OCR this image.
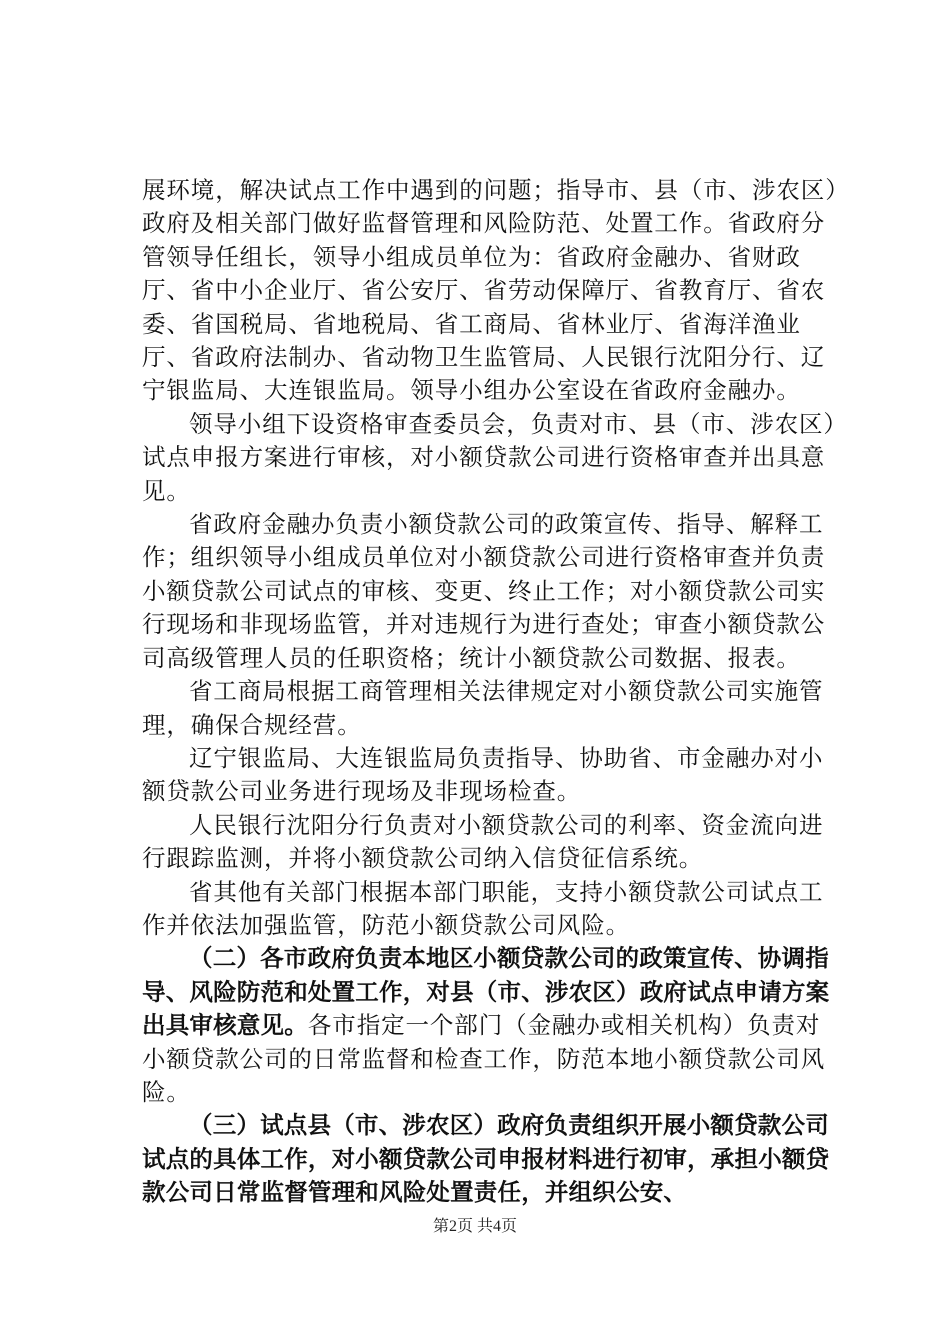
展环境，解决试点工作中遇到的问题；指导市、县（市、涉农区）政府及相关部门做好监督管理和风险防范、处置工作。省政府分管领导任组长，领导小组成员单位为：省政府金融办、省财政厅、省中小企业厅、省公安厅、省劳动保障厅、省教育厅、省农委、省国税局、省地税局、省工商局、省林业厅、省海洋渔业厅、省政府法制办、省动物卫生监管局、人民银行沈阳分行、辽宁银监局、大连银监局。领导小组办公室设在省政府金融办。

领导小组下设资格审查委员会，负责对市、县（市、涉农区）试点申报方案进行审核，对小额贷款公司进行资格审查并出具意见。

省政府金融办负责小额贷款公司的政策宣传、指导、解释工作；组织领导小组成员单位对小额贷款公司进行资格审查并负责小额贷款公司试点的审核、变更、终止工作；对小额贷款公司实行现场和非现场监管，并对违规行为进行查处；审查小额贷款公司高级管理人员的任职资格；统计小额贷款公司数据、报表。

省工商局根据工商管理相关法律规定对小额贷款公司实施管理，确保合规经营。

辽宁银监局、大连银监局负责指导、协助省、市金融办对小额贷款公司业务进行现场及非现场检查。

人民银行沈阳分行负责对小额贷款公司的利率、资金流向进行跟踪监测，并将小额贷款公司纳入信贷征信系统。

省其他有关部门根据本部门职能，支持小额贷款公司试点工作并依法加强监管，防范小额贷款公司风险。

（二）各市政府负责本地区小额贷款公司的政策宣传、协调指导、风险防范和处置工作，对县（市、涉农区）政府试点申请方案出具审核意见。各市指定一个部门（金融办或相关机构）负责对小额贷款公司的日常监督和检查工作，防范本地小额贷款公司风险。

（三）试点县（市、涉农区）政府负责组织开展小额贷款公司试点的具体工作，对小额贷款公司申报材料进行初审，承担小额贷款公司日常监督管理和风险处置责任，并组织公安、

第2页 共4页
